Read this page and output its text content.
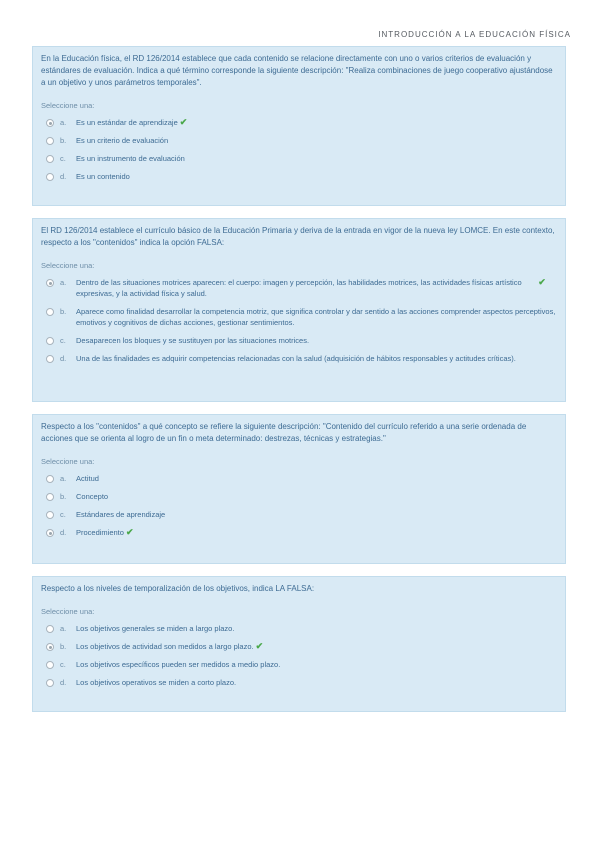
INTRODUCCIÓN A LA EDUCACIÓN FÍSICA

En la Educación física, el RD 126/2014 establece que cada contenido se relacione directamente con uno o varios criterios de evaluación y estándares de evaluación. Indica a qué término corresponde la siguiente descripción: "Realiza combinaciones de juego cooperativo ajustándose a un objetivo y unos parámetros temporales".

Seleccione una:
a.	Es un estándar de aprendizaje ✔
b.	Es un criterio de evaluación
c.	Es un instrumento de evaluación
d.	Es un contenido

El RD 126/2014 establece el currículo básico de la Educación Primaria y deriva de la entrada en vigor de la nueva ley LOMCE. En este contexto, respecto a los "contenidos" indica la opción FALSA:

Seleccione una:
a.	Dentro de las situaciones motrices aparecen: el cuerpo: imagen y percepción, las habilidades motrices, las actividades físicas artístico expresivas, y la actividad física y salud.
✔
b.	Aparece como finalidad desarrollar la competencia motriz, que significa controlar y dar sentido a las acciones comprender aspectos perceptivos, emotivos y cognitivos de dichas acciones, gestionar sentimientos.
c.	Desaparecen los bloques y se sustituyen por las situaciones motrices.
d.	Una de las finalidades es adquirir competencias relacionadas con la salud (adquisición de hábitos responsables y actitudes críticas).

Respecto a los "contenidos" a qué concepto se refiere la siguiente descripción: "Contenido del currículo referido a una serie ordenada de acciones que se orienta al logro de un fin o meta determinado: destrezas, técnicas y estrategias."

Seleccione una:
a.	Actitud
b.	Concepto
c.	Estándares de aprendizaje
d.	Procedimiento ✔

Respecto a los niveles de temporalización de los objetivos, indica LA FALSA:

Seleccione una:
a.	Los objetivos generales se miden a largo plazo.
b.	Los objetivos de actividad son medidos a largo plazo. ✔
c.	Los objetivos específicos pueden ser medidos a medio plazo.
d.	Los objetivos operativos se miden a corto plazo.
